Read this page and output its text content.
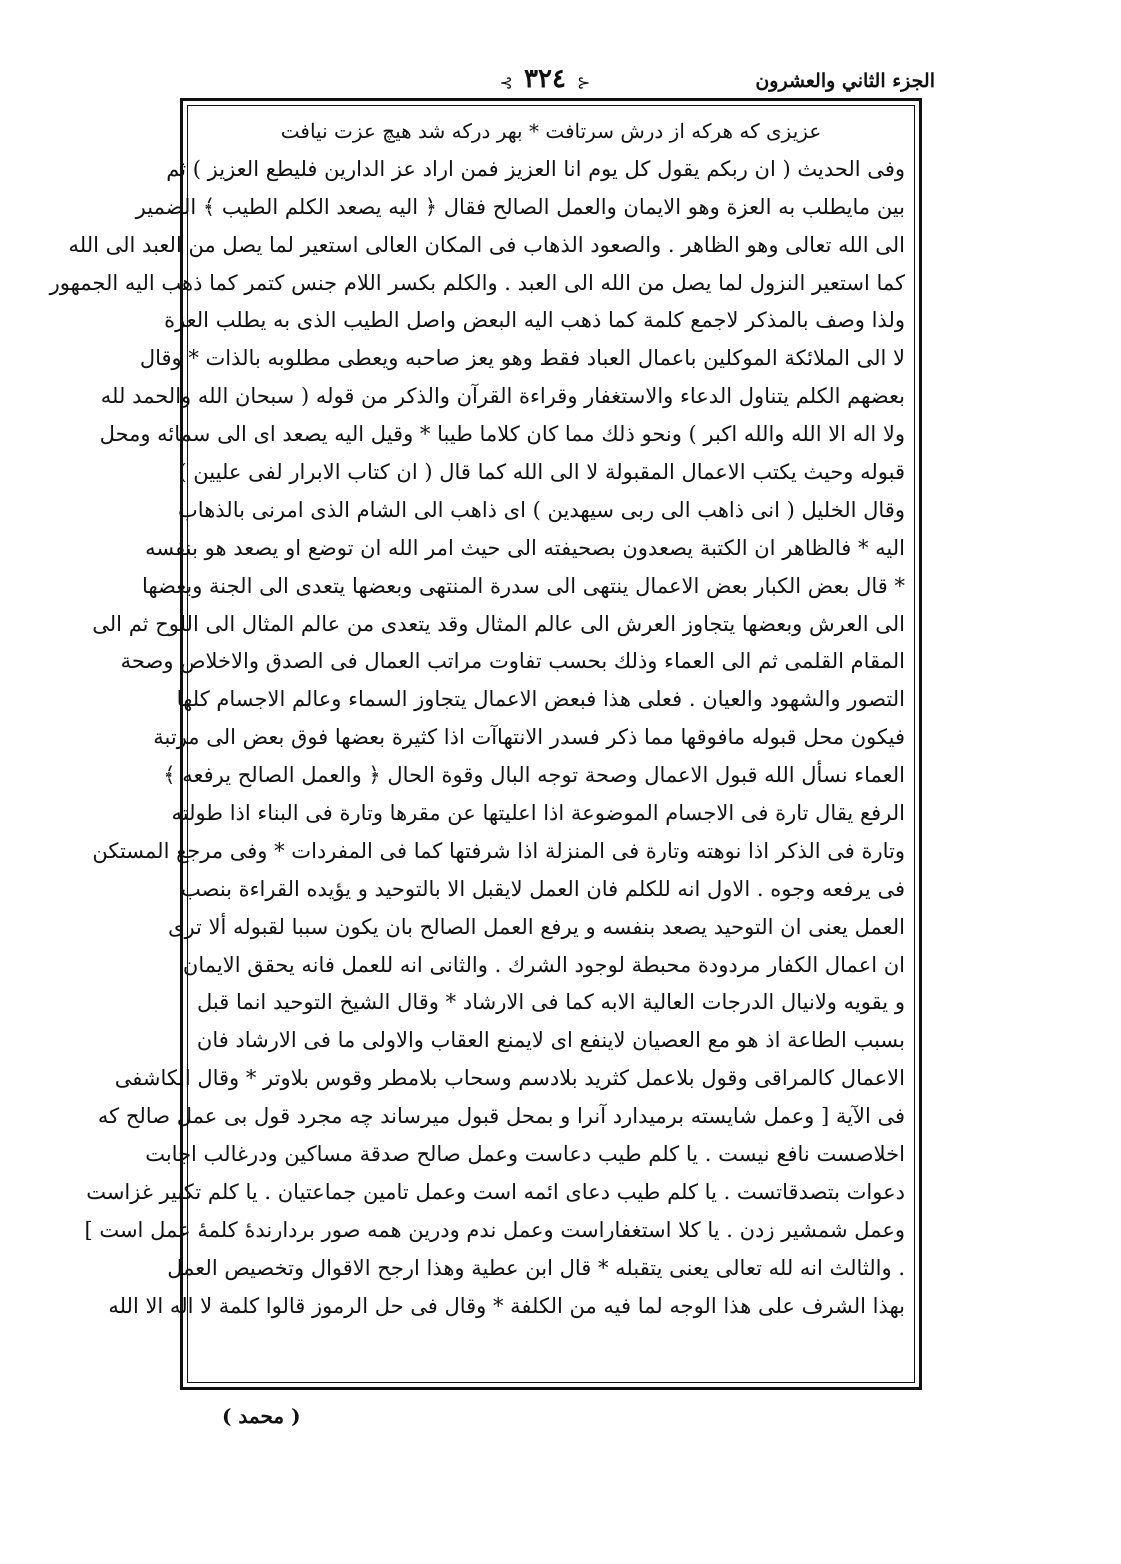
الجزء الثاني والعشرون
⊰ ٣٢٤ ⊱
عزيزى كه هركه از درش سرتافت * بهر دركه شد هيچ عزت نيافت
وفى الحديث ( ان ربكم يقول كل يوم انا العزيز فمن اراد عز الدارين فليطع العزيز ) ثم
بين مايطلب به العزة وهو الايمان والعمل الصالح فقال ﴿ اليه يصعد الكلم الطيب ﴾ الضمير
الى الله تعالى وهو الظاهر . والصعود الذهاب فى المكان العالى استعير لما يصل من العبد الى الله
كما استعير النزول لما يصل من الله الى العبد . والكلم بكسر اللام جنس كتمر كما ذهب اليه الجمهور
ولذا وصف بالمذكر لاجمع كلمة كما ذهب اليه البعض واصل الطيب الذى به يطلب العزة
لا الى الملائكة الموكلين باعمال العباد فقط وهو يعز صاحبه ويعطى مطلوبه بالذات * وقال
بعضهم الكلم يتناول الدعاء والاستغفار وقراءة القرآن والذكر من قوله ( سبحان الله والحمد لله
ولا اله الا الله والله اكبر ) ونحو ذلك مما كان كلاما طيبا * وقيل اليه يصعد اى الى سمائه ومحل
قبوله وحيث يكتب الاعمال المقبولة لا الى الله كما قال ( ان كتاب الابرار لفى عليين )
وقال الخليل ( انى ذاهب الى ربى سيهدين ) اى ذاهب الى الشام الذى امرنى بالذهاب
اليه * فالظاهر ان الكتبة يصعدون بصحيفته الى حيث امر الله ان توضع او يصعد هو بنفسه
* قال بعض الكبار بعض الاعمال ينتهى الى سدرة المنتهى وبعضها يتعدى الى الجنة وبعضها
الى العرش وبعضها يتجاوز العرش الى عالم المثال وقد يتعدى من عالم المثال الى اللوح ثم الى
المقام القلمى ثم الى العماء وذلك بحسب تفاوت مراتب العمال فى الصدق والاخلاص وصحة
التصور والشهود والعيان . فعلى هذا فبعض الاعمال يتجاوز السماء وعالم الاجسام كلها
فيكون محل قبوله مافوقها مما ذكر فسدر الانتهاآت اذا كثيرة بعضها فوق بعض الى مرتبة
العماء نسأل الله قبول الاعمال وصحة توجه البال وقوة الحال ﴿ والعمل الصالح يرفعه ﴾
الرفع يقال تارة فى الاجسام الموضوعة اذا اعليتها عن مقرها وتارة فى البناء اذا طولته
وتارة فى الذكر اذا نوهته وتارة فى المنزلة اذا شرفتها كما فى المفردات * وفى مرجع المستكن
فى يرفعه وجوه . الاول انه للكلم فان العمل لايقبل الا بالتوحيد و يؤيده القراءة بنصب
العمل يعنى ان التوحيد يصعد بنفسه و يرفع العمل الصالح بان يكون سببا لقبوله ألا ترى
ان اعمال الكفار مردودة محبطة لوجود الشرك . والثانى انه للعمل فانه يحقق الايمان
و يقويه ولانيال الدرجات العالية الابه كما فى الارشاد * وقال الشيخ التوحيد انما قبل
بسبب الطاعة اذ هو مع العصيان لاينفع اى لايمنع العقاب والاولى ما فى الارشاد فان
الاعمال كالمراقى وقول بلاعمل كثريد بلادسم وسحاب بلامطر وقوس بلاوتر * وقال الكاشفى
فى الآية [ وعمل شايسته برميدارد آنرا و بمحل قبول ميرساند چه مجرد قول بى عمل صالح كه
اخلاصست نافع نيست . يا كلم طيب دعاست وعمل صالح صدقة مساكين ودرغالب اجابت
دعوات بتصدقاتست . يا كلم طيب دعاى ائمه است وعمل تامين جماعتيان . يا كلم تكبير غزاست
وعمل شمشير زدن . يا كلا استغفاراست وعمل ندم ودرين همه صور بردارندۀ كلمۀ عمل است ]
. والثالث انه لله تعالى يعنى يتقبله * قال ابن عطية وهذا ارجح الاقوال وتخصيص العمل
بهذا الشرف على هذا الوجه لما فيه من الكلفة * وقال فى حل الرموز قالوا كلمة لا اله الا الله
( محمد )
